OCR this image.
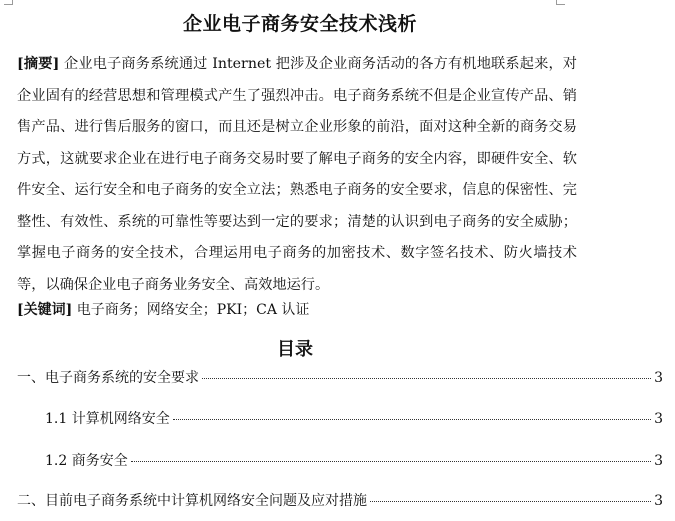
企业电子商务安全技术浅析
[摘要] 企业电子商务系统通过 Internet 把涉及企业商务活动的各方有机地联系起来，对企业固有的经营思想和管理模式产生了强烈冲击。电子商务系统不但是企业宣传产品、销售产品、进行售后服务的窗口，而且还是树立企业形象的前沿，面对这种全新的商务交易方式，这就要求企业在进行电子商务交易时要了解电子商务的安全内容，即硬件安全、软件安全、运行安全和电子商务的安全立法；熟悉电子商务的安全要求，信息的保密性、完整性、有效性、系统的可靠性等要达到一定的要求；清楚的认识到电子商务的安全威胁；掌握电子商务的安全技术，合理运用电子商务的加密技术、数字签名技术、防火墙技术等，以确保企业电子商务业务安全、高效地运行。
[关键词] 电子商务；网络安全；PKI；CA 认证
目录
一、电子商务系统的安全要求	3
1.1 计算机网络安全	3
1.2 商务安全	3
二、目前电子商务系统中计算机网络安全问题及应对措施	3
